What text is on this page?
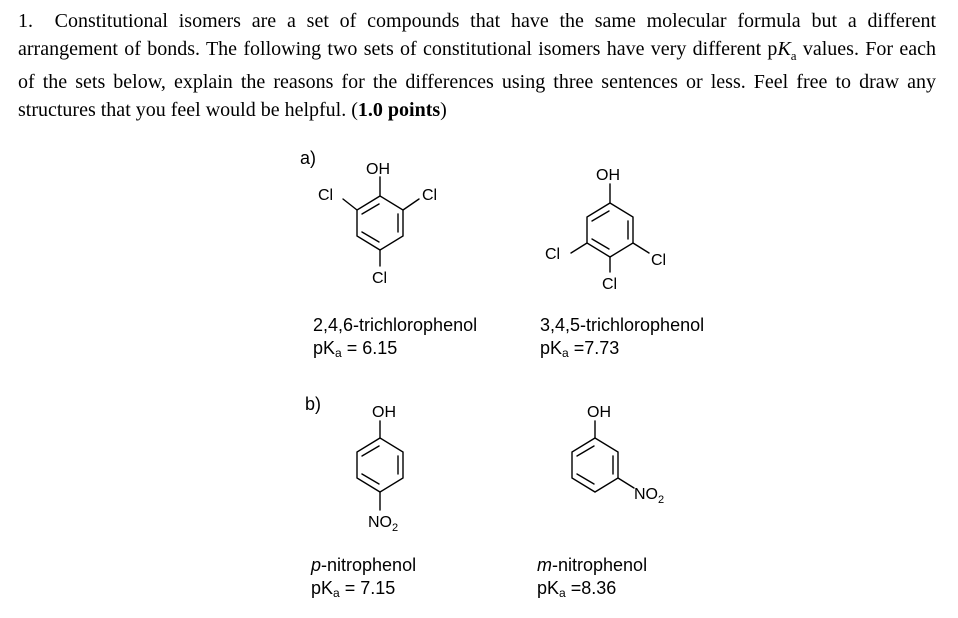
1. Constitutional isomers are a set of compounds that have the same molecular formula but a different arrangement of bonds. The following two sets of constitutional isomers have very different $pK_a$ values. For each of the sets below, explain the reasons for the differences using three sentences or less. Feel free to draw any structures that you feel would be helpful. (1.0 points)

a)
b)
2,4,6-trichlorophenol
$pK_a = 6.15$
3,4,5-trichlorophenol
$pK_a =7.73$
p-nitrophenol
$pK_a = 7.15$
m-nitrophenol
$pK_a =8.36$
OH
Cl	Cl
Cl
OH
Cl	Cl
Cl
OH
$NO_2$
OH
$NO_2$
